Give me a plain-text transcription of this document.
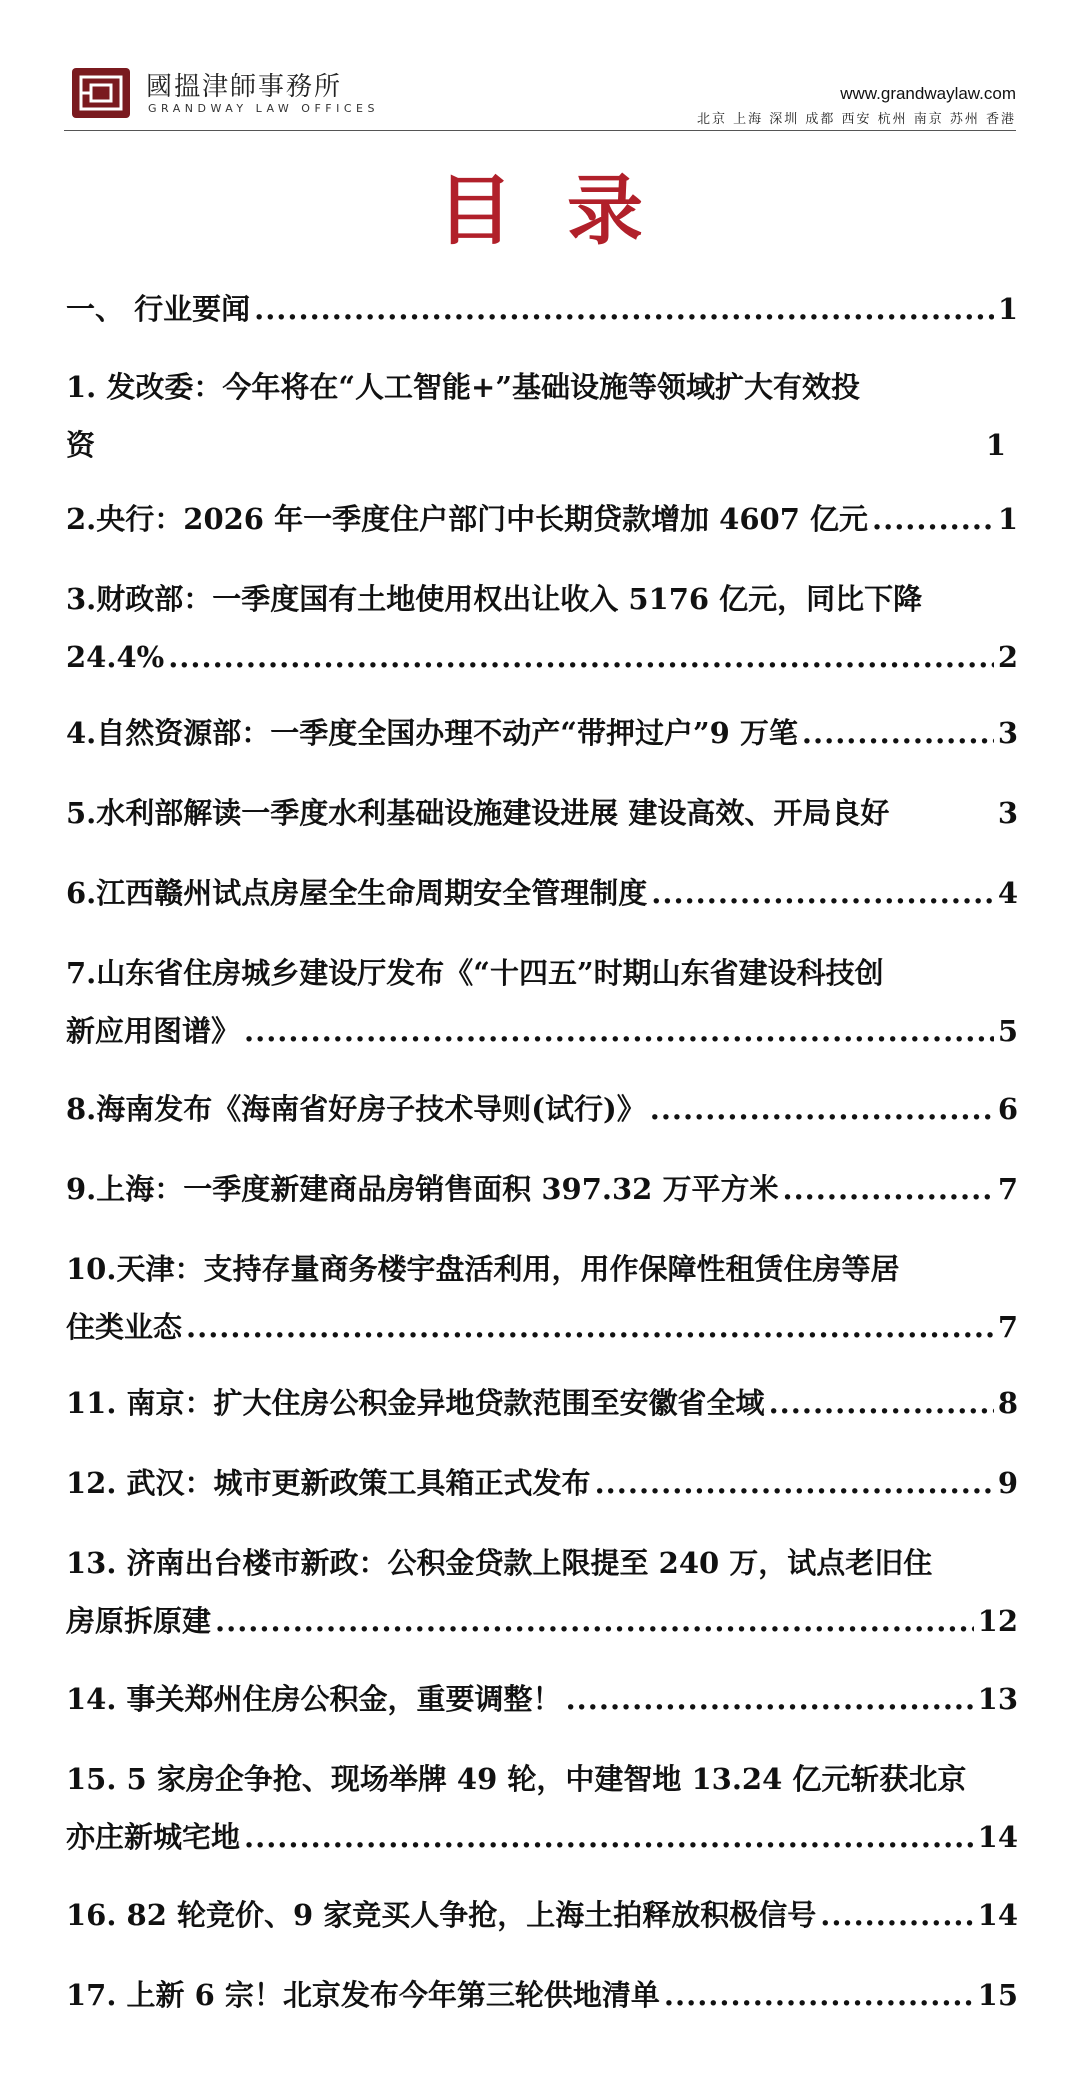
國搵津師事務所
GRANDWAY LAW OFFICES
www.grandwaylaw.com
北京 上海 深圳 成都 西安 杭州 南京 苏州 香港
目录
一、 行业要闻 .....	1
1. 发改委：今年将在“人工智能+”基础设施等领域扩大有效投
资	1
2.央行：2026 年一季度住户部门中长期贷款增加 4607 亿元 .....	1
3.财政部：一季度国有土地使用权出让收入 5176 亿元，同比下降
24.4% .....	2
4.自然资源部：一季度全国办理不动产“带押过户”9 万笔 .....	3
5.水利部解读一季度水利基础设施建设进展 建设高效、开局良好	3
6.江西赣州试点房屋全生命周期安全管理制度 .....	4
7.山东省住房城乡建设厅发布《“十四五”时期山东省建设科技创
新应用图谱》 .....	5
8.海南发布《海南省好房子技术导则(试行)》 .....	6
9.上海：一季度新建商品房销售面积 397.32 万平方米 .....	7
10.天津：支持存量商务楼宇盘活利用，用作保障性租赁住房等居
住类业态 .....	7
11. 南京：扩大住房公积金异地贷款范围至安徽省全域 .....	8
12. 武汉：城市更新政策工具箱正式发布 .....	9
13. 济南出台楼市新政：公积金贷款上限提至 240 万，试点老旧住
房原拆原建 .....	12
14. 事关郑州住房公积金，重要调整！ .....	13
15. 5 家房企争抢、现场举牌 49 轮，中建智地 13.24 亿元斩获北京
亦庄新城宅地 .....	14
16. 82 轮竞价、9 家竞买人争抢，上海土拍释放积极信号 .....	14
17. 上新 6 宗！北京发布今年第三轮供地清单 .....	15
